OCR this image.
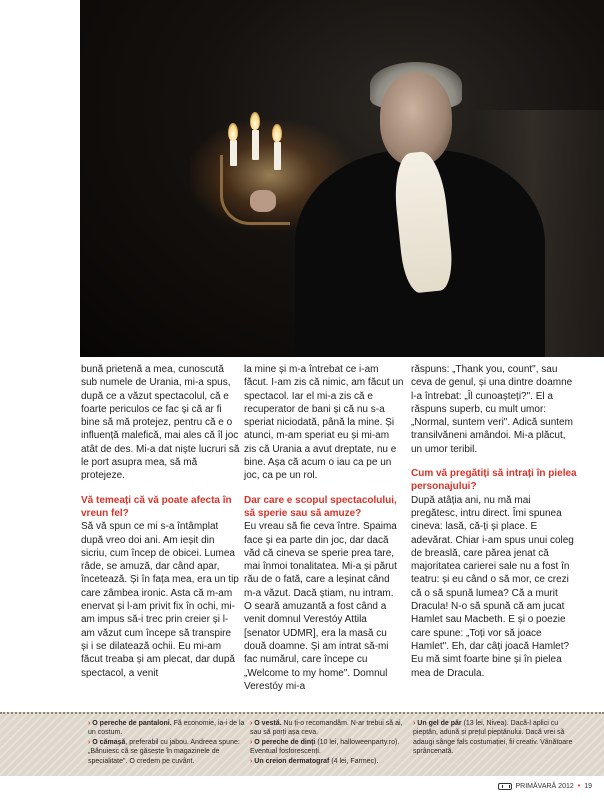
bună prietenă a mea, cunoscută sub numele de Urania, mi-a spus, după ce a văzut spectacolul, că e foarte periculos ce fac și că ar fi bine să mă protejez, pentru că e o influență malefică, mai ales că îl joc atât de des. Mi-a dat niște lucruri să le port asupra mea, să mă protejeze.

Vă temeați că vă poate afecta în vreun fel?

Să vă spun ce mi s-a întâmplat după vreo doi ani. Am ieșit din sicriu, cum încep de obicei. Lumea râde, se amuză, dar când apar, încetează. Și în fața mea, era un tip care zâmbea ironic. Asta că m-am enervat și l-am privit fix în ochi, mi-am impus să-i trec prin creier și l-am văzut cum începe să transpire și i se dilatează ochii. Eu mi-am făcut treaba și am plecat, dar după spectacol, a venit

la mine și m-a întrebat ce i-am făcut. I-am zis că nimic, am făcut un spectacol. Iar el mi-a zis că e recuperator de bani și că nu s-a speriat niciodată, până la mine. Și atunci, m-am speriat eu și mi-am zis că Urania a avut dreptate, nu e bine. Așa că acum o iau ca pe un joc, ca pe un rol.

Dar care e scopul spectacolului, să sperie sau să amuze?

Eu vreau să fie ceva între. Spaima face și ea parte din joc, dar dacă văd că cineva se sperie prea tare, mai înmoi tonalitatea. Mi-a și părut rău de o fată, care a leșinat când m-a văzut. Dacă știam, nu intram. O seară amuzantă a fost când a venit domnul Verestóy Attila [senator UDMR], era la masă cu două doamne. Și am intrat să-mi fac numărul, care începe cu „Welcome to my home". Domnul Verestóy mi-a

răspuns: „Thank you, count", sau ceva de genul, și una dintre doamne l-a întrebat: „Îl cunoașteți?". El a răspuns superb, cu mult umor: „Normal, suntem veri". Adică suntem transilvăneni amândoi. Mi-a plăcut, un umor teribil.

Cum vă pregătiți să intrați în pielea personajului?

După atâția ani, nu mă mai pregătesc, intru direct. Îmi spunea cineva: lasă, că-ți și place. E adevărat. Chiar i-am spus unui coleg de breaslă, care părea jenat că majoritatea carierei sale nu a fost în teatru: și eu când o să mor, ce crezi că o să spună lumea? Că a murit Dracula! N-o să spună că am jucat Hamlet sau Macbeth. E și o poezie care spune: „Toți vor să joace Hamlet". Eh, dar câți joacă Hamlet? Eu mă simt foarte bine și în pielea mea de Dracula.

› O pereche de pantaloni. Fă economie, ia-i de la un costum.
› O cămașă, preferabil cu jabou. Andreea spune: „Bănuiesc că se găsește în magazinele de specialitate". O credem pe cuvânt.
› O vestă. Nu ți-o recomandăm. N-ar trebui să ai, sau să porți așa ceva.
› O pereche de dinți (10 lei, halloweenparty.ro). Eventual fosforescenți.
› Un creion dermatograf (4 lei, Farmec).
› Un gel de păr (13 lei, Nivea). Dacă-l aplici cu pieptăn, adună și prețul pieptănului. Dacă vrei să adaugi sânge fals costumației, fii creativ. Vânătoare sprâncenată.
PRIMĂVARĂ 2012 • 19
